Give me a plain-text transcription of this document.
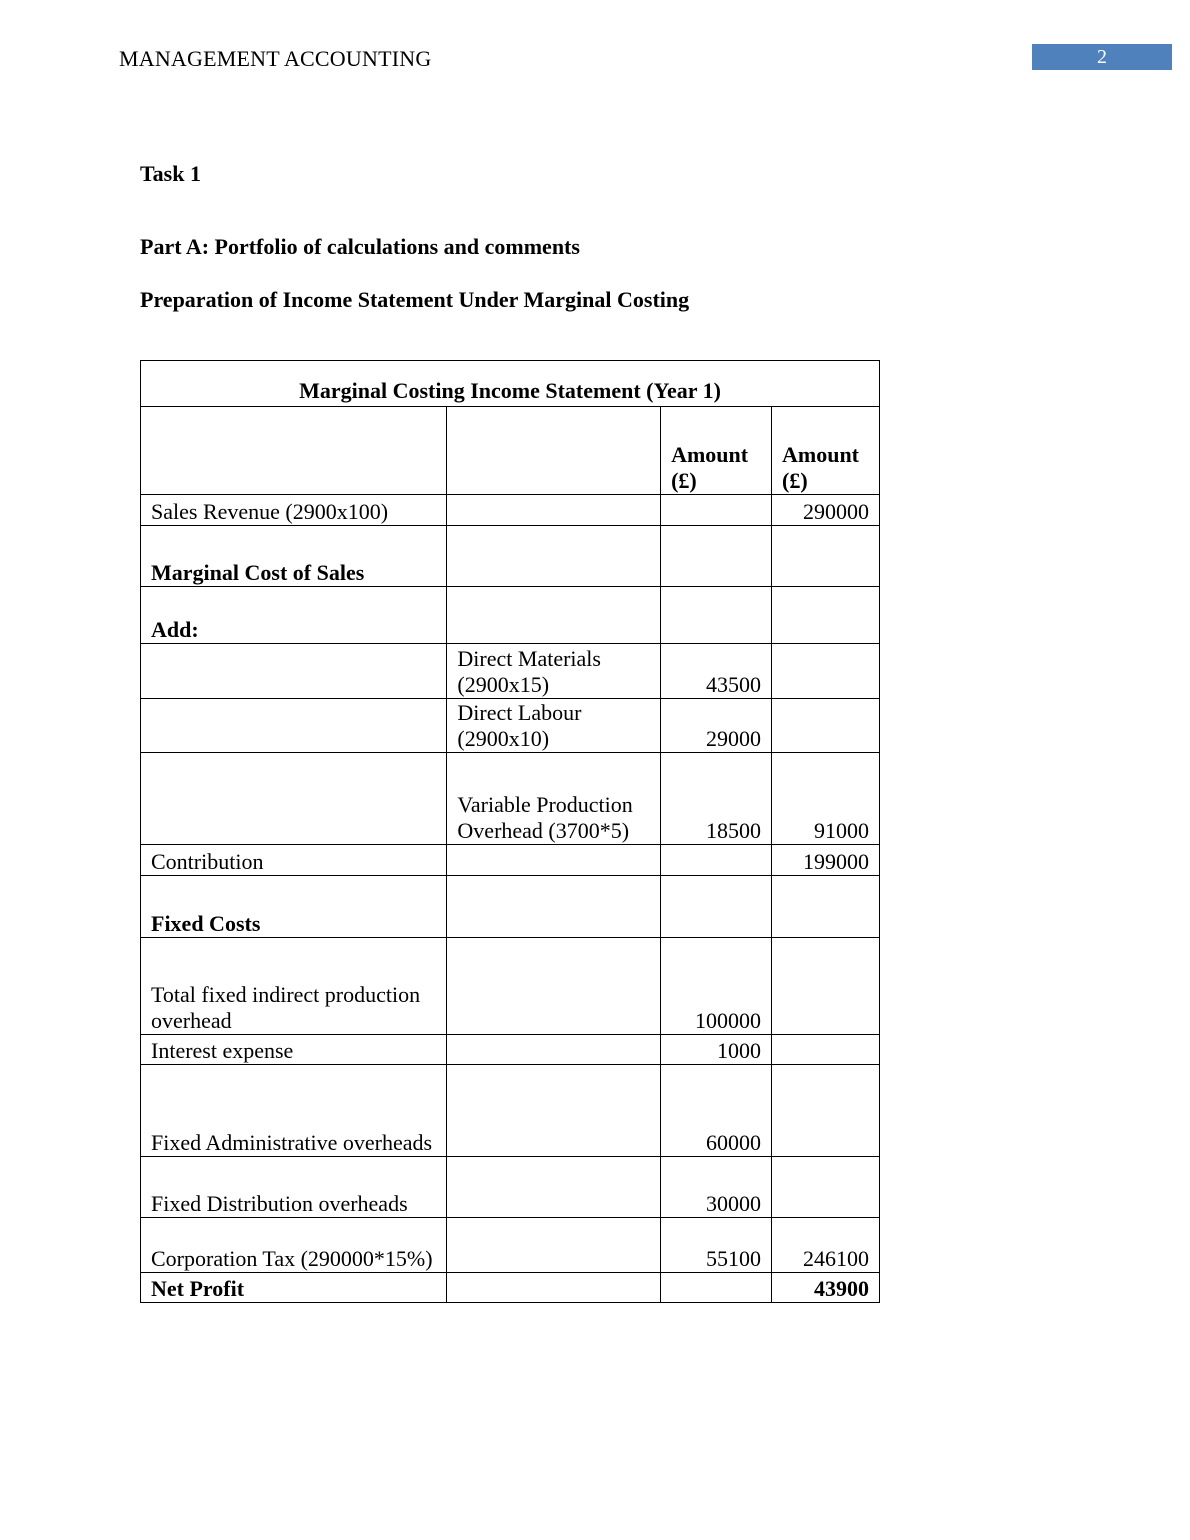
MANAGEMENT ACCOUNTING	2
Task 1
Part A: Portfolio of calculations and comments
Preparation of Income Statement Under Marginal Costing
Marginal Costing Income Statement (Year 1)			
		Amount (£)	Amount (£)
Sales Revenue (2900x100)			290000
Marginal Cost of Sales			
Add:			
	Direct Materials (2900x15)	43500	
	Direct Labour (2900x10)	29000	
	Variable Production Overhead (3700*5)	18500	91000
Contribution			199000
Fixed Costs			
Total fixed indirect production overhead		100000	
Interest expense		1000	
Fixed Administrative overheads		60000	
Fixed Distribution overheads		30000	
Corporation Tax (290000*15%)		55100	246100
Net Profit			43900
